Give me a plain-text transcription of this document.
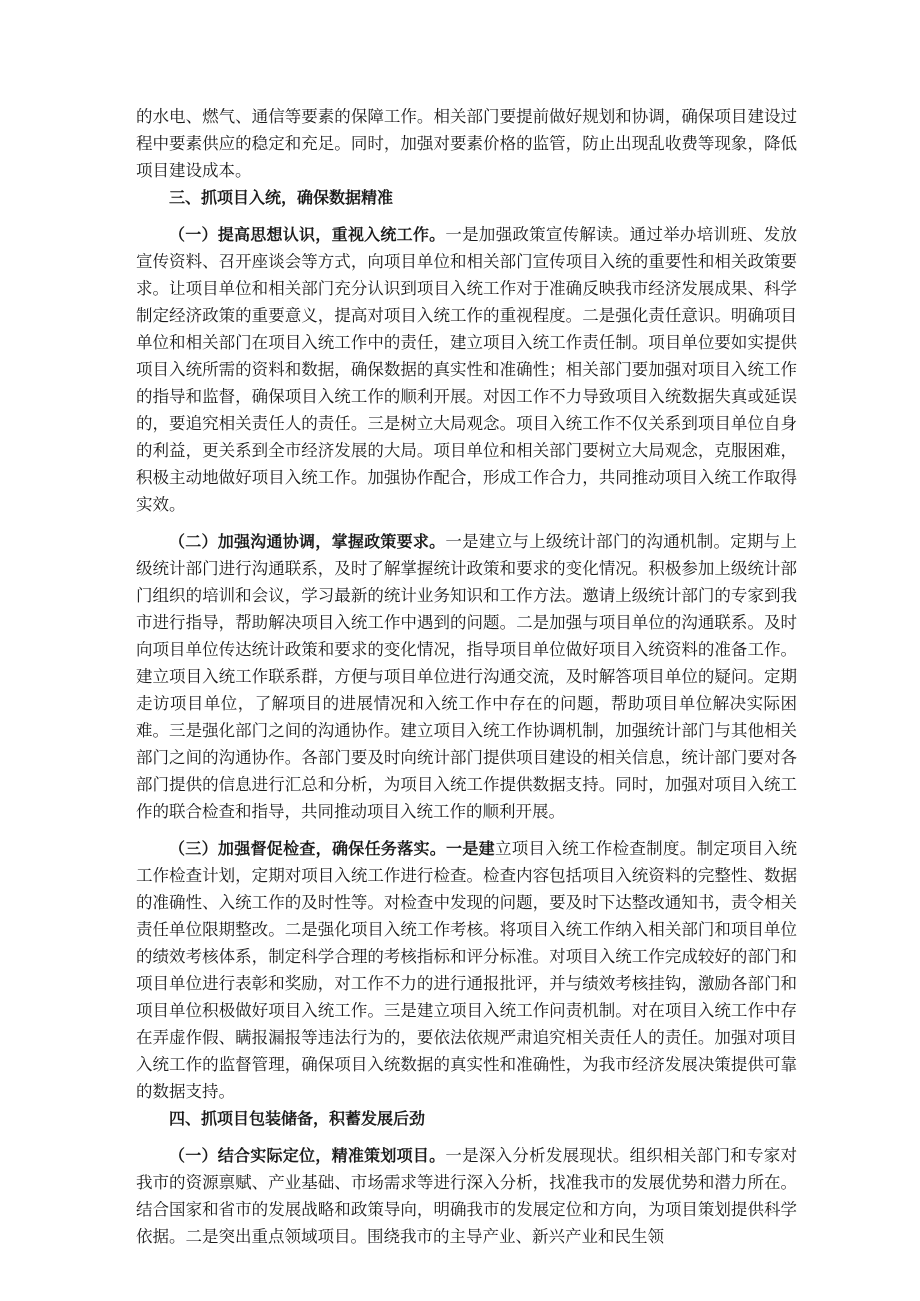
的水电、燃气、通信等要素的保障工作。相关部门要提前做好规划和协调，确保项目建设过程中要素供应的稳定和充足。同时，加强对要素价格的监管，防止出现乱收费等现象，降低项目建设成本。

三、抓项目入统，确保数据精准

（一）提高思想认识，重视入统工作。一是加强政策宣传解读。通过举办培训班、发放宣传资料、召开座谈会等方式，向项目单位和相关部门宣传项目入统的重要性和相关政策要求。让项目单位和相关部门充分认识到项目入统工作对于准确反映我市经济发展成果、科学制定经济政策的重要意义，提高对项目入统工作的重视程度。二是强化责任意识。明确项目单位和相关部门在项目入统工作中的责任，建立项目入统工作责任制。项目单位要如实提供项目入统所需的资料和数据，确保数据的真实性和准确性；相关部门要加强对项目入统工作的指导和监督，确保项目入统工作的顺利开展。对因工作不力导致项目入统数据失真或延误的，要追究相关责任人的责任。三是树立大局观念。项目入统工作不仅关系到项目单位自身的利益，更关系到全市经济发展的大局。项目单位和相关部门要树立大局观念，克服困难，积极主动地做好项目入统工作。加强协作配合，形成工作合力，共同推动项目入统工作取得实效。

（二）加强沟通协调，掌握政策要求。一是建立与上级统计部门的沟通机制。定期与上级统计部门进行沟通联系，及时了解掌握统计政策和要求的变化情况。积极参加上级统计部门组织的培训和会议，学习最新的统计业务知识和工作方法。邀请上级统计部门的专家到我市进行指导，帮助解决项目入统工作中遇到的问题。二是加强与项目单位的沟通联系。及时向项目单位传达统计政策和要求的变化情况，指导项目单位做好项目入统资料的准备工作。建立项目入统工作联系群，方便与项目单位进行沟通交流，及时解答项目单位的疑问。定期走访项目单位，了解项目的进展情况和入统工作中存在的问题，帮助项目单位解决实际困难。三是强化部门之间的沟通协作。建立项目入统工作协调机制，加强统计部门与其他相关部门之间的沟通协作。各部门要及时向统计部门提供项目建设的相关信息，统计部门要对各部门提供的信息进行汇总和分析，为项目入统工作提供数据支持。同时，加强对项目入统工作的联合检查和指导，共同推动项目入统工作的顺利开展。

（三）加强督促检查，确保任务落实。一是建立项目入统工作检查制度。制定项目入统工作检查计划，定期对项目入统工作进行检查。检查内容包括项目入统资料的完整性、数据的准确性、入统工作的及时性等。对检查中发现的问题，要及时下达整改通知书，责令相关责任单位限期整改。二是强化项目入统工作考核。将项目入统工作纳入相关部门和项目单位的绩效考核体系，制定科学合理的考核指标和评分标准。对项目入统工作完成较好的部门和项目单位进行表彰和奖励，对工作不力的进行通报批评，并与绩效考核挂钩，激励各部门和项目单位积极做好项目入统工作。三是建立项目入统工作问责机制。对在项目入统工作中存在弄虚作假、瞒报漏报等违法行为的，要依法依规严肃追究相关责任人的责任。加强对项目入统工作的监督管理，确保项目入统数据的真实性和准确性，为我市经济发展决策提供可靠的数据支持。

四、抓项目包装储备，积蓄发展后劲

（一）结合实际定位，精准策划项目。一是深入分析发展现状。组织相关部门和专家对我市的资源禀赋、产业基础、市场需求等进行深入分析，找准我市的发展优势和潜力所在。结合国家和省市的发展战略和政策导向，明确我市的发展定位和方向，为项目策划提供科学依据。二是突出重点领域项目。围绕我市的主导产业、新兴产业和民生领
